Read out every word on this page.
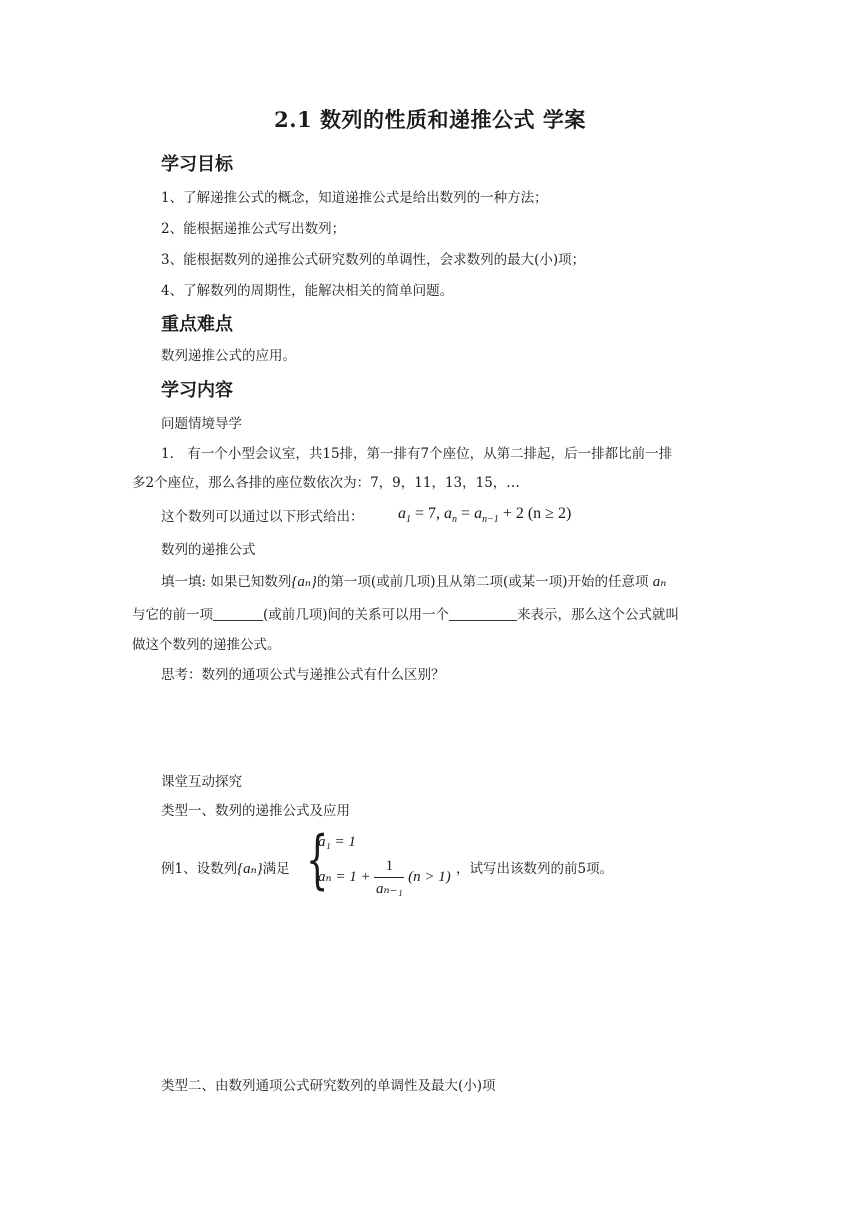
2.1 数列的性质和递推公式 学案
学习目标
1、了解递推公式的概念，知道递推公式是给出数列的一种方法；
2、能根据递推公式写出数列；
3、能根据数列的递推公式研究数列的单调性，会求数列的最大(小)项；
4、了解数列的周期性，能解决相关的简单问题。
重点难点
数列递推公式的应用。
学习内容
问题情境导学
1.　有一个小型会议室，共15排，第一排有7个座位，从第二排起，后一排都比前一排
多2个座位，那么各排的座位数依次为：7，9，11，13，15，…
这个数列可以通过以下形式给出： $a_1 = 7$, $a_n = a_{n-1} + 2$ (n ≥ 2)
数列的递推公式
填一填: 如果已知数列{aₙ}的第一项(或前几项)且从第二项(或某一项)开始的任意项 aₙ
与它的前一项	(或前几项)间的关系可以用一个	来表示，那么这个公式就叫
做这个数列的递推公式。
思考：数列的通项公式与递推公式有什么区别？
课堂互动探究
类型一、数列的递推公式及应用
例1、设数列{aₙ}满足 {
a₁ = 1
$a_n = 1 + \frac{1}{\text{aₙ₋₁}} (n > 1)$ ，试写出该数列的前5项。
类型二、由数列通项公式研究数列的单调性及最大(小)项
